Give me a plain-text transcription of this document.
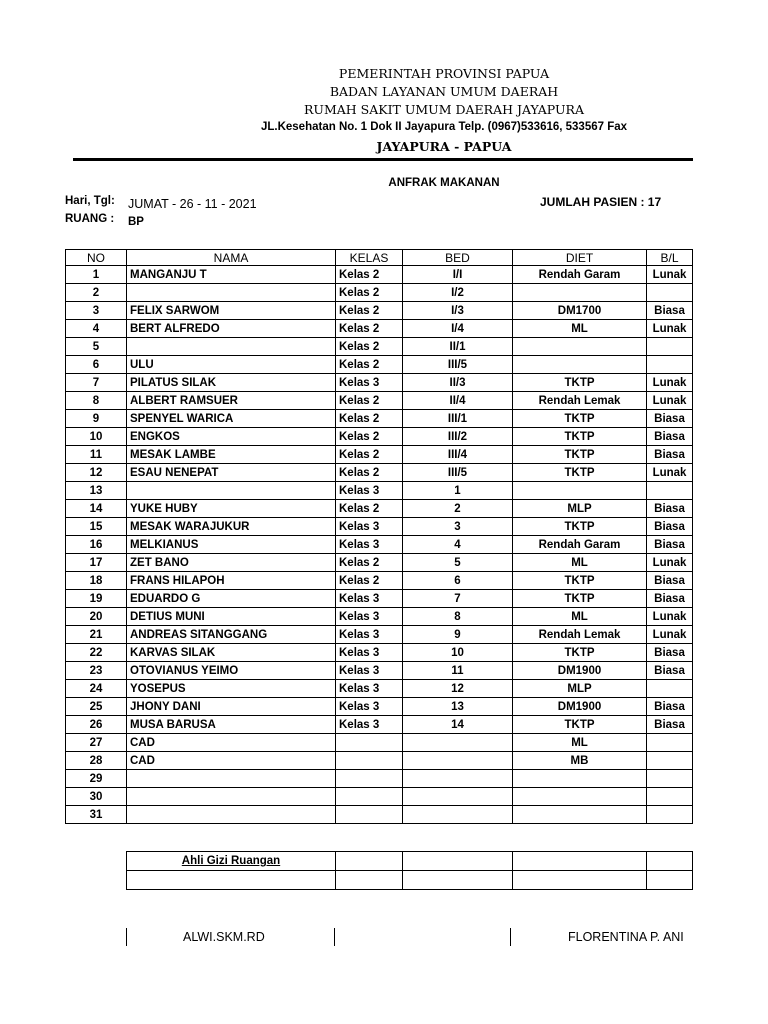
PEMERINTAH PROVINSI PAPUA
BADAN LAYANAN UMUM DAERAH
RUMAH SAKIT UMUM DAERAH JAYAPURA
JL.Kesehatan No. 1 Dok II Jayapura Telp. (0967)533616, 533567 Fax
JAYAPURA - PAPUA
ANFRAK MAKANAN
Hari, Tgl: JUMAT - 26 - 11 - 2021
RUANG : BP
JUMLAH PASIEN : 17
NO	NAMA	KELAS	BED	DIET	B/L
1	MANGANJU T	Kelas 2	I/I	Rendah Garam	Lunak
2		Kelas 2	I/2		
3	FELIX SARWOM	Kelas 2	I/3	DM1700	Biasa
4	BERT ALFREDO	Kelas 2	I/4	ML	Lunak
5		Kelas 2	II/1		
6	ULU	Kelas 2	III/5		
7	PILATUS SILAK	Kelas 3	II/3	TKTP	Lunak
8	ALBERT RAMSUER	Kelas 2	II/4	Rendah Lemak	Lunak
9	SPENYEL WARICA	Kelas 2	III/1	TKTP	Biasa
10	ENGKOS	Kelas 2	III/2	TKTP	Biasa
11	MESAK LAMBE	Kelas 2	III/4	TKTP	Biasa
12	ESAU NENEPAT	Kelas 2	III/5	TKTP	Lunak
13		Kelas 3	1		
14	YUKE HUBY	Kelas 2	2	MLP	Biasa
15	MESAK WARAJUKUR	Kelas 3	3	TKTP	Biasa
16	MELKIANUS	Kelas 3	4	Rendah Garam	Biasa
17	ZET BANO	Kelas 2	5	ML	Lunak
18	FRANS HILAPOH	Kelas 2	6	TKTP	Biasa
19	EDUARDO G	Kelas 3	7	TKTP	Biasa
20	DETIUS MUNI	Kelas 3	8	ML	Lunak
21	ANDREAS SITANGGANG	Kelas 3	9	Rendah Lemak	Lunak
22	KARVAS SILAK	Kelas 3	10	TKTP	Biasa
23	OTOVIANUS YEIMO	Kelas 3	11	DM1900	Biasa
24	YOSEPUS	Kelas 3	12	MLP	
25	JHONY DANI	Kelas 3	13	DM1900	Biasa
26	MUSA BARUSA	Kelas 3	14	TKTP	Biasa
27	CAD			ML	
28	CAD			MB	
29					
30					
31					
Ahli Gizi Ruangan				

ALWI.SKM.RD	FLORENTINA P. ANI
